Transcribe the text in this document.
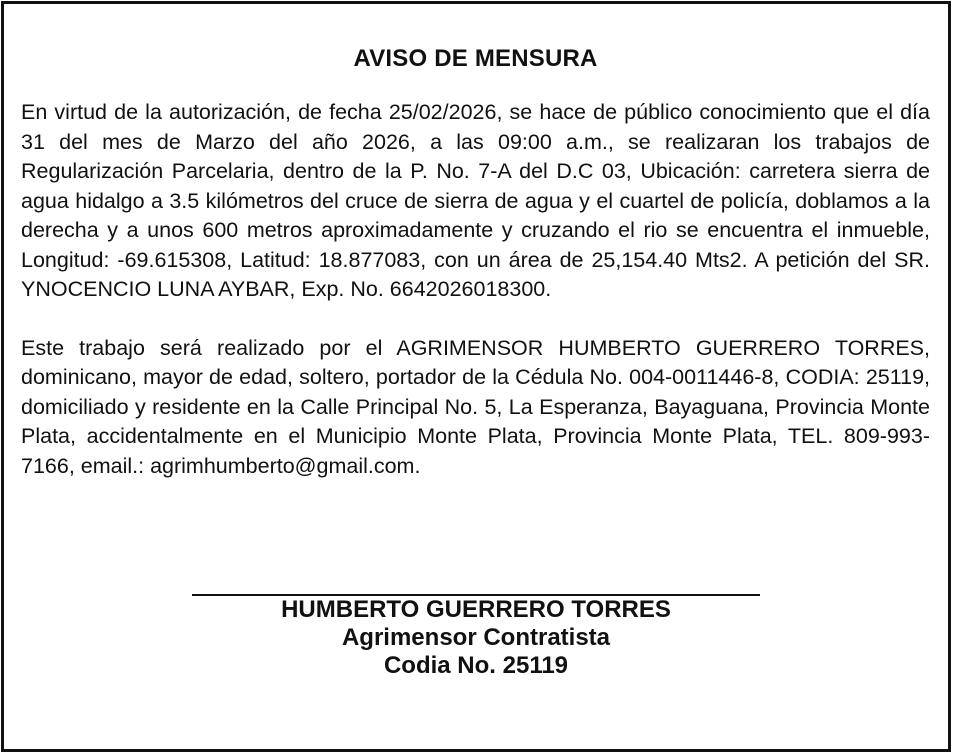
AVISO DE MENSURA

En virtud de la autorización, de fecha 25/02/2026, se hace de público conocimiento que el día 31 del mes de Marzo del año 2026, a las 09:00 a.m., se realizaran los trabajos de Regularización Parcelaria, dentro de la P. No. 7-A del D.C 03, Ubicación: carretera sierra de agua hidalgo a 3.5 kilómetros del cruce de sierra de agua y el cuartel de policía, doblamos a la derecha y a unos 600 metros aproximadamente y cruzando el rio se encuentra el inmueble, Longitud: -69.615308, Latitud: 18.877083, con un área de 25,154.40 Mts2. A petición del SR. YNOCENCIO LUNA AYBAR, Exp. No. 6642026018300.

Este trabajo será realizado por el AGRIMENSOR HUMBERTO GUERRERO TORRES, dominicano, mayor de edad, soltero, portador de la Cédula No. 004-0011446-8, CODIA: 25119, domiciliado y residente en la Calle Principal No. 5, La Esperanza, Bayaguana, Provincia Monte Plata, accidentalmente en el Municipio Monte Plata, Provincia Monte Plata, TEL. 809-993-7166, email.: agrimhumberto@gmail.com.

HUMBERTO GUERRERO TORRES

Agrimensor Contratista

Codia No. 25119
